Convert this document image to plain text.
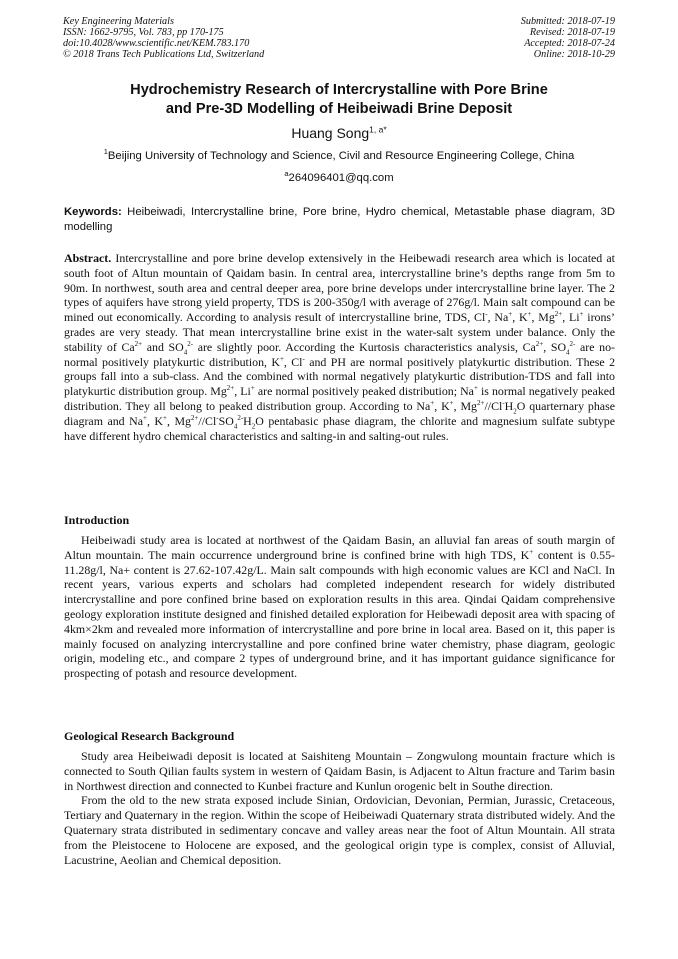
Key Engineering Materials
ISSN: 1662-9795, Vol. 783, pp 170-175
doi:10.4028/www.scientific.net/KEM.783.170
© 2018 Trans Tech Publications Ltd, Switzerland
Submitted: 2018-07-19
Revised: 2018-07-19
Accepted: 2018-07-24
Online: 2018-10-29
Hydrochemistry Research of Intercrystalline with Pore Brine
and Pre-3D Modelling of Heibeiwadi Brine Deposit
Huang Song$^{1, a*}$
$^1$Beijing University of Technology and Science, Civil and Resource Engineering College, China
$^a$264096401@qq.com
Keywords: Heibeiwadi, Intercrystalline brine, Pore brine, Hydro chemical, Metastable phase diagram, 3D modelling

Abstract. Intercrystalline and pore brine develop extensively in the Heibewadi research area which is located at south foot of Altun mountain of Qaidam basin. In central area, intercrystalline brine’s depths range from 5m to 90m. In northwest, south area and central deeper area, pore brine develops under intercrystalline brine layer. The 2 types of aquifers have strong yield property, TDS is 200-350g/l with average of 276g/l. Main salt compound can be mined out economically. According to analysis result of intercrystalline brine, TDS, Cl-, Na+, K+, $Mg^{2+}$, Li+ irons’ grades are very steady. That mean intercrystalline brine exist in the water-salt system under balance. Only the stability of $Ca^{2+}$ and $SO_4^{2-}$ are slightly poor. According the Kurtosis characteristics analysis, $Ca^{2+}$, $SO_4^{2-}$ are no-normal positively platykurtic distribution, K+, Cl- and PH are normal positively platykurtic distribution. These 2 groups fall into a sub-class. And the combined with normal negatively platykurtic distribution-TDS and fall into platykurtic distribution group. $Mg^{2+}$, Li+ are normal positively peaked distribution; Na+ is normal negatively peaked distribution. They all belong to peaked distribution group. According to Na+, K+, $Mg^{2+}//Cl^-H_2O$ quarternary phase diagram and Na+, K+, $Mg^{2+}//Cl^-SO_4^{2-}H_2O$ pentabasic phase diagram, the chlorite and magnesium sulfate subtype have different hydro chemical characteristics and salting-in and salting-out rules.

Introduction

Heibeiwadi study area is located at northwest of the Qaidam Basin, an alluvial fan areas of south margin of Altun mountain. The main occurrence underground brine is confined brine with high TDS, K+ content is 0.55-11.28g/l, Na+ content is 27.62-107.42g/L. Main salt compounds with high economic values are KCl and NaCl. In recent years, various experts and scholars had completed independent research for widely distributed intercrystalline and pore confined brine based on exploration results in this area. Qindai Qaidam comprehensive geology exploration institute designed and finished detailed exploration for Heibewadi deposit area with spacing of 4km×2km and revealed more information of intercrystalline and pore brine in local area. Based on it, this paper is mainly focused on analyzing intercrystalline and pore confined brine water chemistry, phase diagram, geologic origin, modeling etc., and compare 2 types of underground brine, and it has important guidance significance for prospecting of potash and resource development.

Geological Research Background

Study area Heibeiwadi deposit is located at Saishiteng Mountain – Zongwulong mountain fracture which is connected to South Qilian faults system in western of Qaidam Basin, is Adjacent to Altun fracture and Tarim basin in Northwest direction and connected to Kunbei fracture and Kunlun orogenic belt in Southe direction.

From the old to the new strata exposed include Sinian, Ordovician, Devonian, Permian, Jurassic, Cretaceous, Tertiary and Quaternary in the region. Within the scope of Heibeiwadi Quaternary strata distributed widely. And the Quaternary strata distributed in sedimentary concave and valley areas near the foot of Altun Mountain. All strata from the Pleistocene to Holocene are exposed, and the geological origin type is complex, consist of Alluvial, Lacustrine, Aeolian and Chemical deposition.
